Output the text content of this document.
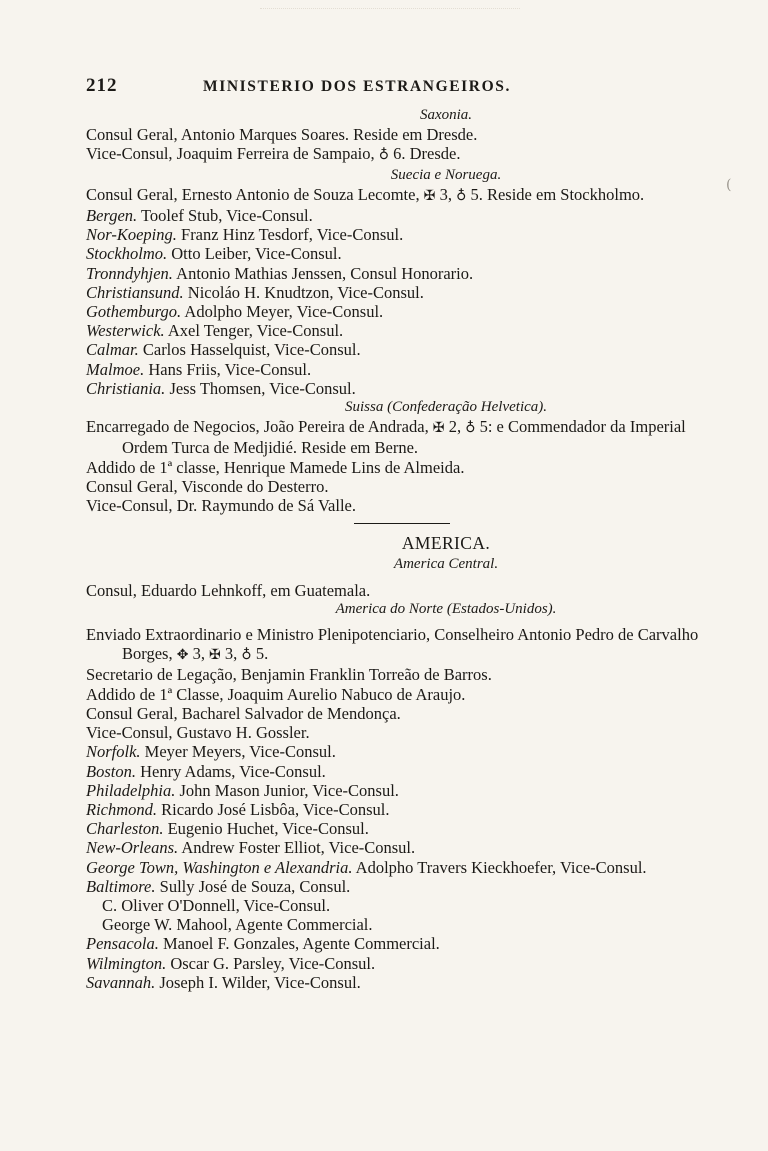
212	MINISTERIO DOS ESTRANGEIROS.
(
Saxonia.
Consul Geral, Antonio Marques Soares. Reside em Dresde.
Vice-Consul, Joaquim Ferreira de Sampaio, ♁ 6. Dresde.
Suecia e Noruega.
Consul Geral, Ernesto Antonio de Souza Lecomte, ✠ 3, ♁ 5. Reside em Stockholmo.
Bergen. Toolef Stub, Vice-Consul.
Nor-Koeping. Franz Hinz Tesdorf, Vice-Consul.
Stockholmo. Otto Leiber, Vice-Consul.
Tronndyhjen. Antonio Mathias Jenssen, Consul Honorario.
Christiansund. Nicoláo H. Knudtzon, Vice-Consul.
Gothemburgo. Adolpho Meyer, Vice-Consul.
Westerwick. Axel Tenger, Vice-Consul.
Calmar. Carlos Hasselquist, Vice-Consul.
Malmoe. Hans Friis, Vice-Consul.
Christiania. Jess Thomsen, Vice-Consul.
Suissa (Confederação Helvetica).
Encarregado de Negocios, João Pereira de Andrada, ✠ 2, ♁ 5: e Commendador da Imperial Ordem Turca de Medjidié. Reside em Berne.
Addido de 1ª classe, Henrique Mamede Lins de Almeida.
Consul Geral, Visconde do Desterro.
Vice-Consul, Dr. Raymundo de Sá Valle.
AMERICA.
America Central.
Consul, Eduardo Lehnkoff, em Guatemala.
America do Norte (Estados-Unidos).
Enviado Extraordinario e Ministro Plenipotenciario, Conselheiro Antonio Pedro de Carvalho Borges, ✥ 3, ✠ 3, ♁ 5.
Secretario de Legação, Benjamin Franklin Torreão de Barros.
Addido de 1ª Classe, Joaquim Aurelio Nabuco de Araujo.
Consul Geral, Bacharel Salvador de Mendonça.
Vice-Consul, Gustavo H. Gossler.
Norfolk. Meyer Meyers, Vice-Consul.
Boston. Henry Adams, Vice-Consul.
Philadelphia. John Mason Junior, Vice-Consul.
Richmond. Ricardo José Lisbôa, Vice-Consul.
Charleston. Eugenio Huchet, Vice-Consul.
New-Orleans. Andrew Foster Elliot, Vice-Consul.
George Town, Washington e Alexandria. Adolpho Travers Kieckhoefer, Vice-Consul.
Baltimore. Sully José de Souza, Consul.
C. Oliver O'Donnell, Vice-Consul.
George W. Mahool, Agente Commercial.
Pensacola. Manoel F. Gonzales, Agente Commercial.
Wilmington. Oscar G. Parsley, Vice-Consul.
Savannah. Joseph I. Wilder, Vice-Consul.
